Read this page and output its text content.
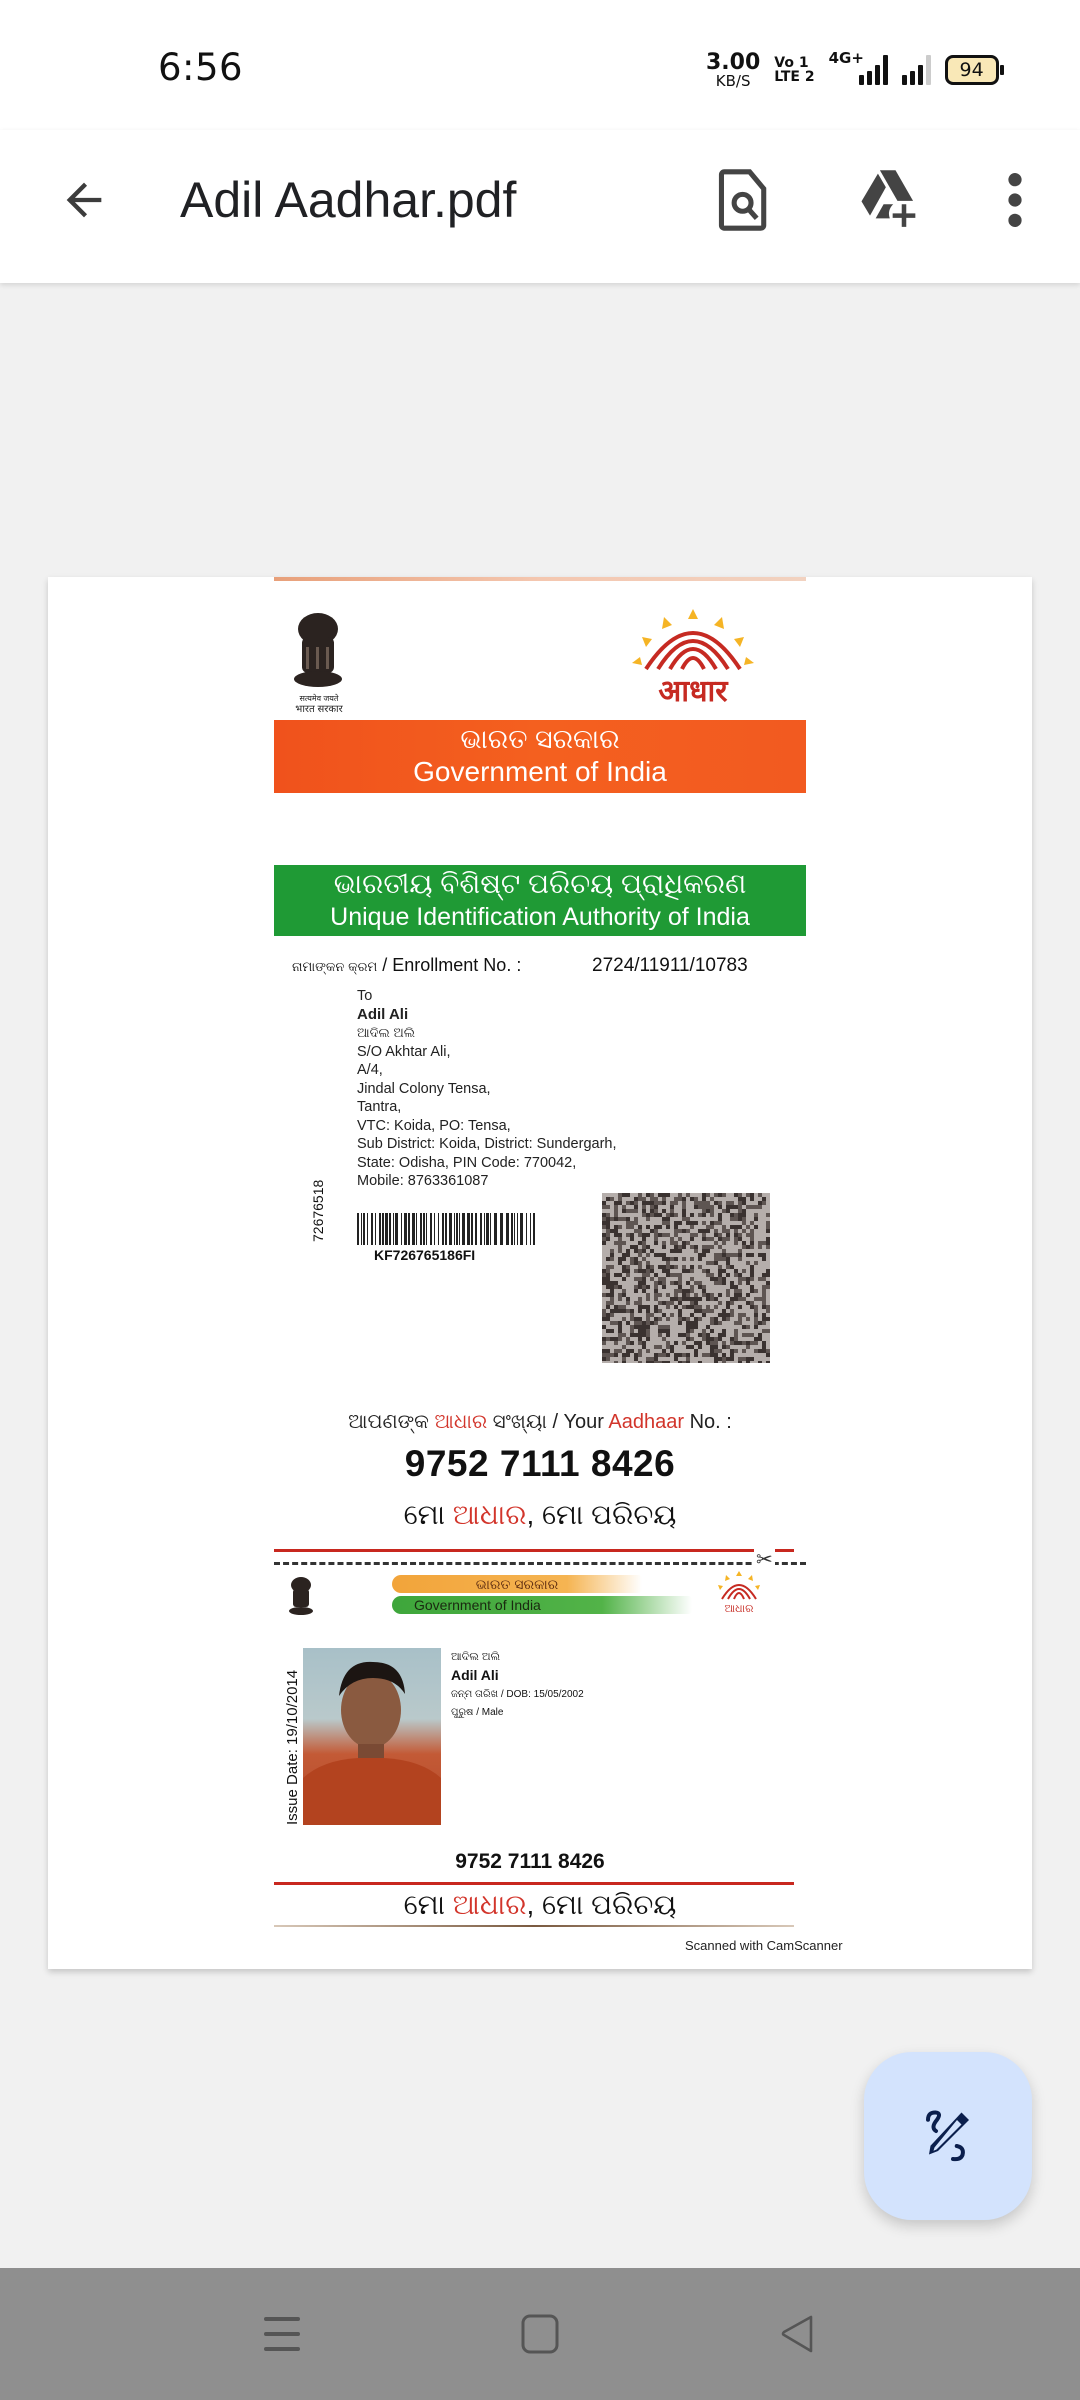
6:56	3.00
KB/S
Vo 1
LTE 2
4G+
94
Adil Aadhar.pdf
सत्यमेव जयते
भारत सरकार
आधार
ଭାରତ ସରକାର
Government of India
ଭାରତୀୟ ବିଶିଷ୍ଟ ପରିଚୟ ପ୍ରାଧିକରଣ
Unique Identification Authority of India
ନାମାଙ୍କନ କ୍ରମ / Enrollment No. :	2724/11911/10783
To
Adil Ali
ଆଦିଲ ଅଲି
S/O Akhtar Ali,
A/4,
Jindal Colony Tensa,
Tantra,
VTC: Koida, PO: Tensa,
Sub District: Koida, District: Sundergarh,
State: Odisha, PIN Code: 770042,
Mobile: 8763361087
72676518
KF726765186FI
ଆପଣଙ୍କ ଆଧାର ସଂଖ୍ୟା / Your Aadhaar No. :
9752 7111 8426
ମୋ ଆଧାର, ମୋ ପରିଚୟ
✂
ଭାରତ ସରକାର
Government of India	ଆଧାର
Issue Date: 19/10/2014
ଆଦିଲ ଅଲି
Adil Ali
ଜନ୍ମ ତାରିଖ / DOB: 15/05/2002
ପୁରୁଷ / Male
9752 7111 8426
ମୋ ଆଧାର, ମୋ ପରିଚୟ
Scanned with CamScanner
